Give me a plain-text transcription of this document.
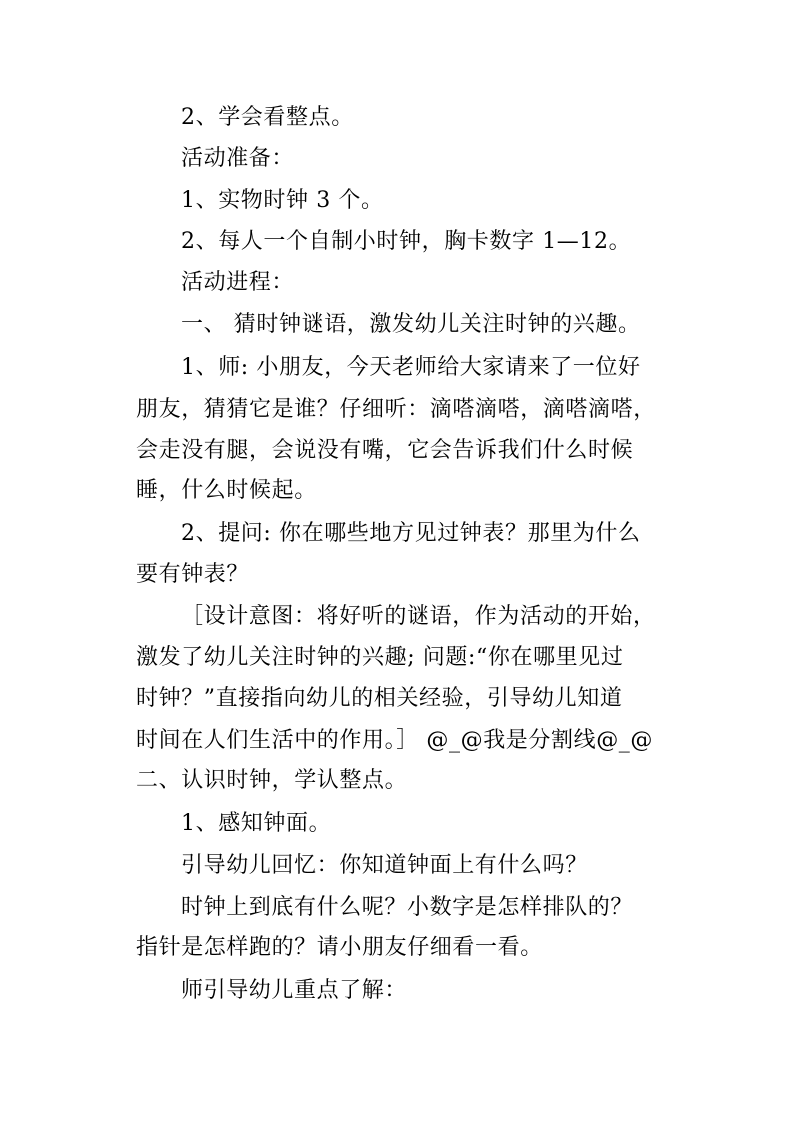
2、学会看整点。
活动准备：
1、实物时钟 3 个。
2、每人一个自制小时钟，胸卡数字 1—12。
活动进程：
一、 猜时钟谜语，激发幼儿关注时钟的兴趣。
1、师: 小朋友，今天老师给大家请来了一位好
朋友，猜猜它是谁？仔细听：滴嗒滴嗒，滴嗒滴嗒，
会走没有腿，会说没有嘴，它会告诉我们什么时候
睡，什么时候起。
2、提问: 你在哪些地方见过钟表？那里为什么
要有钟表？
［设计意图：将好听的谜语，作为活动的开始，
激发了幼儿关注时钟的兴趣; 问题:“你在哪里见过
时钟？”直接指向幼儿的相关经验，引导幼儿知道
时间在人们生活中的作用。］ @_@我是分割线@_@
二、认识时钟，学认整点。
1、感知钟面。
引导幼儿回忆：你知道钟面上有什么吗？
时钟上到底有什么呢？小数字是怎样排队的？
指针是怎样跑的？请小朋友仔细看一看。
师引导幼儿重点了解：
